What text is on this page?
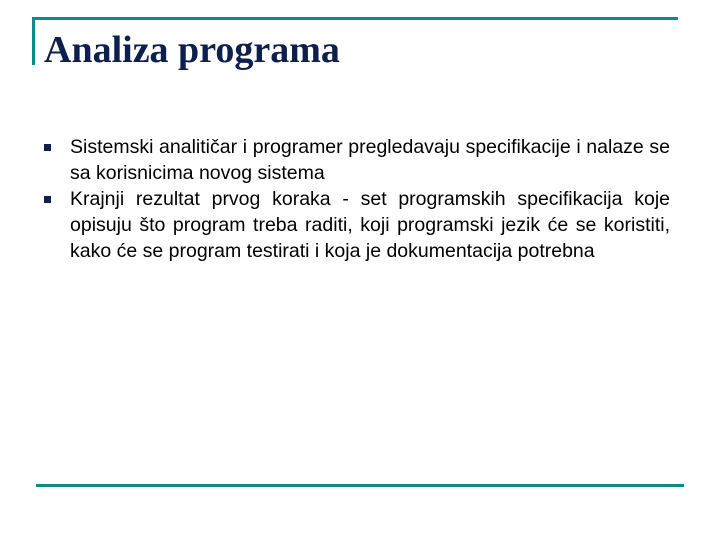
Analiza programa
Sistemski analitičar i programer pregledavaju specifikacije i nalaze se sa korisnicima novog sistema
Krajnji rezultat prvog koraka - set programskih specifikacija koje opisuju što program treba raditi, koji programski jezik će se koristiti, kako će se program testirati i koja je dokumentacija potrebna
